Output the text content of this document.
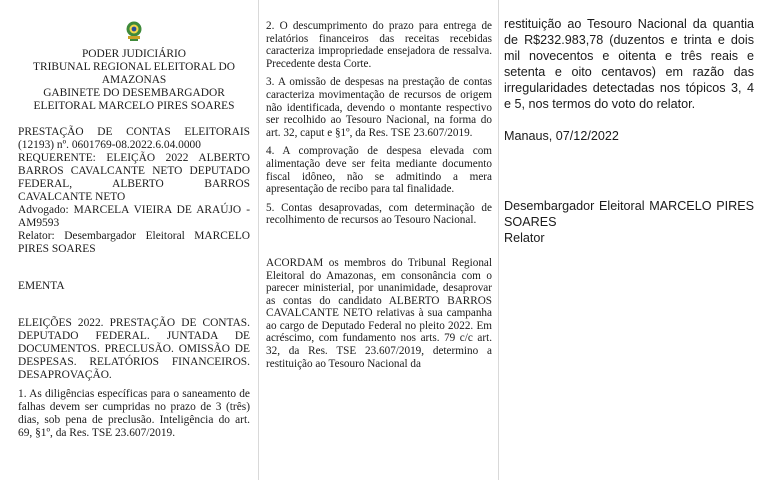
PODER JUDICIÁRIO

TRIBUNAL REGIONAL ELEITORAL DO AMAZONAS

GABINETE DO DESEMBARGADOR ELEITORAL MARCELO PIRES SOARES

PRESTAÇÃO DE CONTAS ELEITORAIS (12193) nº. 0601769-08.2022.6.04.0000

REQUERENTE: ELEIÇÃO 2022 ALBERTO BARROS CAVALCANTE NETO DEPUTADO FEDERAL, ALBERTO BARROS CAVALCANTE NETO

Advogado: MARCELA VIEIRA DE ARAÚJO - AM9593

Relator: Desembargador Eleitoral MARCELO PIRES SOARES

EMENTA

ELEIÇÕES 2022. PRESTAÇÃO DE CONTAS. DEPUTADO FEDERAL. JUNTADA DE DOCUMENTOS. PRECLUSÃO. OMISSÃO DE DESPESAS. RELATÓRIOS FINANCEIROS. DESAPROVAÇÃO.

1. As diligências específicas para o saneamento de falhas devem ser cumpridas no prazo de 3 (três) dias, sob pena de preclusão. Inteligência do art. 69, §1º, da Res. TSE 23.607/2019.

2. O descumprimento do prazo para entrega de relatórios financeiros das receitas recebidas caracteriza impropriedade ensejadora de ressalva. Precedente desta Corte.

3. A omissão de despesas na prestação de contas caracteriza movimentação de recursos de origem não identificada, devendo o montante respectivo ser recolhido ao Tesouro Nacional, na forma do art. 32, caput e §1º, da Res. TSE 23.607/2019.

4. A comprovação de despesa elevada com alimentação deve ser feita mediante documento fiscal idôneo, não se admitindo a mera apresentação de recibo para tal finalidade.

5. Contas desaprovadas, com determinação de recolhimento de recursos ao Tesouro Nacional.

ACORDAM os membros do Tribunal Regional Eleitoral do Amazonas, em consonância com o parecer ministerial, por unanimidade, desaprovar as contas do candidato ALBERTO BARROS CAVALCANTE NETO relativas à sua campanha ao cargo de Deputado Federal no pleito 2022. Em acréscimo, com fundamento nos arts. 79 c/c art. 32, da Res. TSE 23.607/2019, determino a restituição ao Tesouro Nacional da

restituição ao Tesouro Nacional da quantia de R$232.983,78 (duzentos e trinta e dois mil novecentos e oitenta e três reais e setenta e oito centavos) em razão das irregularidades detectadas nos tópicos 3, 4 e 5, nos termos do voto do relator.

Manaus, 07/12/2022

Desembargador Eleitoral MARCELO PIRES SOARES

Relator
